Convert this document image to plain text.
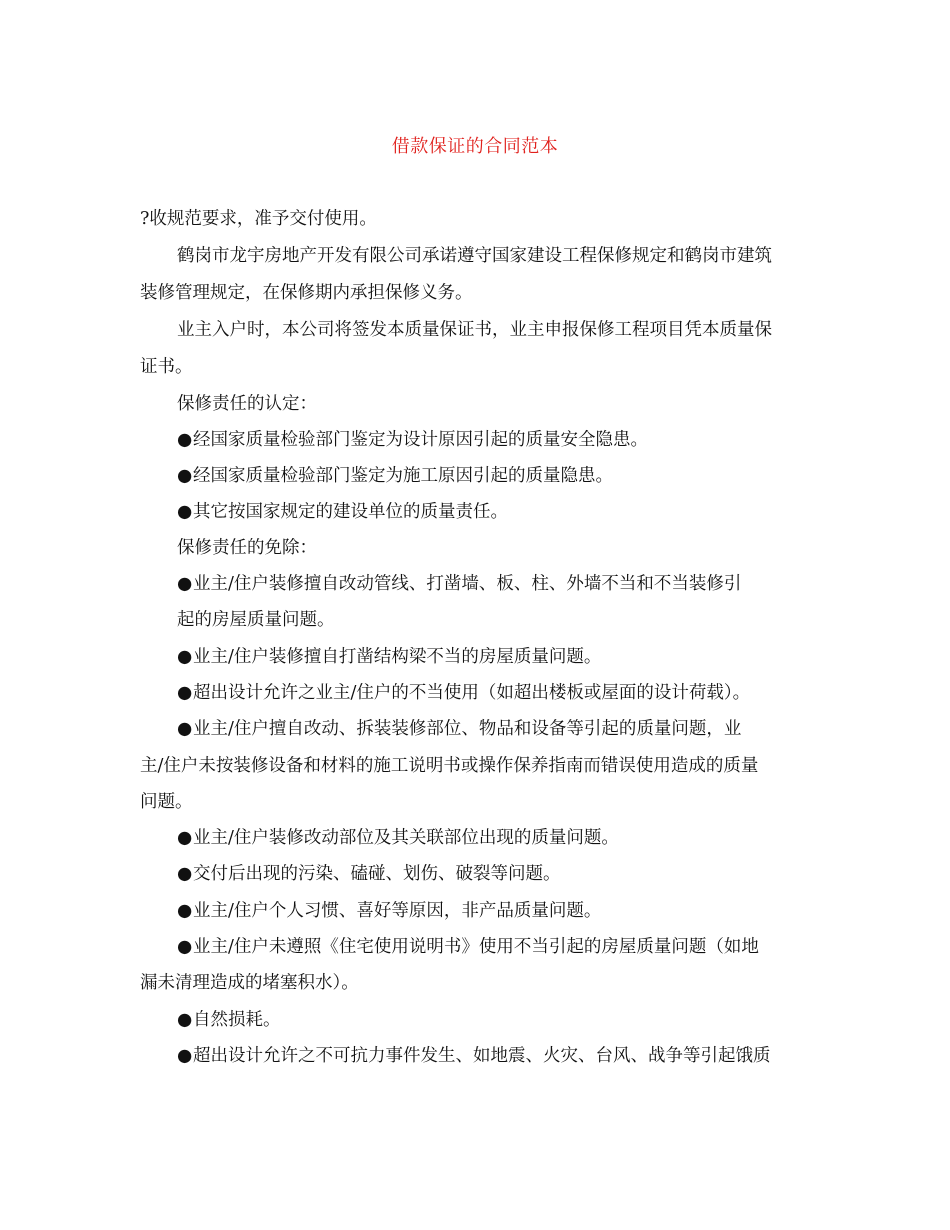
借款保证的合同范本
?收规范要求，准予交付使用。
鹤岗市龙宇房地产开发有限公司承诺遵守国家建设工程保修规定和鹤岗市建筑
装修管理规定，在保修期内承担保修义务。
业主入户时，本公司将签发本质量保证书，业主申报保修工程项目凭本质量保
证书。
保修责任的认定：
●经国家质量检验部门鉴定为设计原因引起的质量安全隐患。
●经国家质量检验部门鉴定为施工原因引起的质量隐患。
●其它按国家规定的建设单位的质量责任。
保修责任的免除：
●业主/住户装修擅自改动管线、打凿墙、板、柱、外墙不当和不当装修引
起的房屋质量问题。
●业主/住户装修擅自打凿结构梁不当的房屋质量问题。
●超出设计允许之业主/住户的不当使用（如超出楼板或屋面的设计荷载）。
●业主/住户擅自改动、拆装装修部位、物品和设备等引起的质量问题，业
主/住户未按装修设备和材料的施工说明书或操作保养指南而错误使用造成的质量
问题。
●业主/住户装修改动部位及其关联部位出现的质量问题。
●交付后出现的污染、磕碰、划伤、破裂等问题。
●业主/住户个人习惯、喜好等原因，非产品质量问题。
●业主/住户未遵照《住宅使用说明书》使用不当引起的房屋质量问题（如地
漏未清理造成的堵塞积水）。
●自然损耗。
●超出设计允许之不可抗力事件发生、如地震、火灾、台风、战争等引起饿质
